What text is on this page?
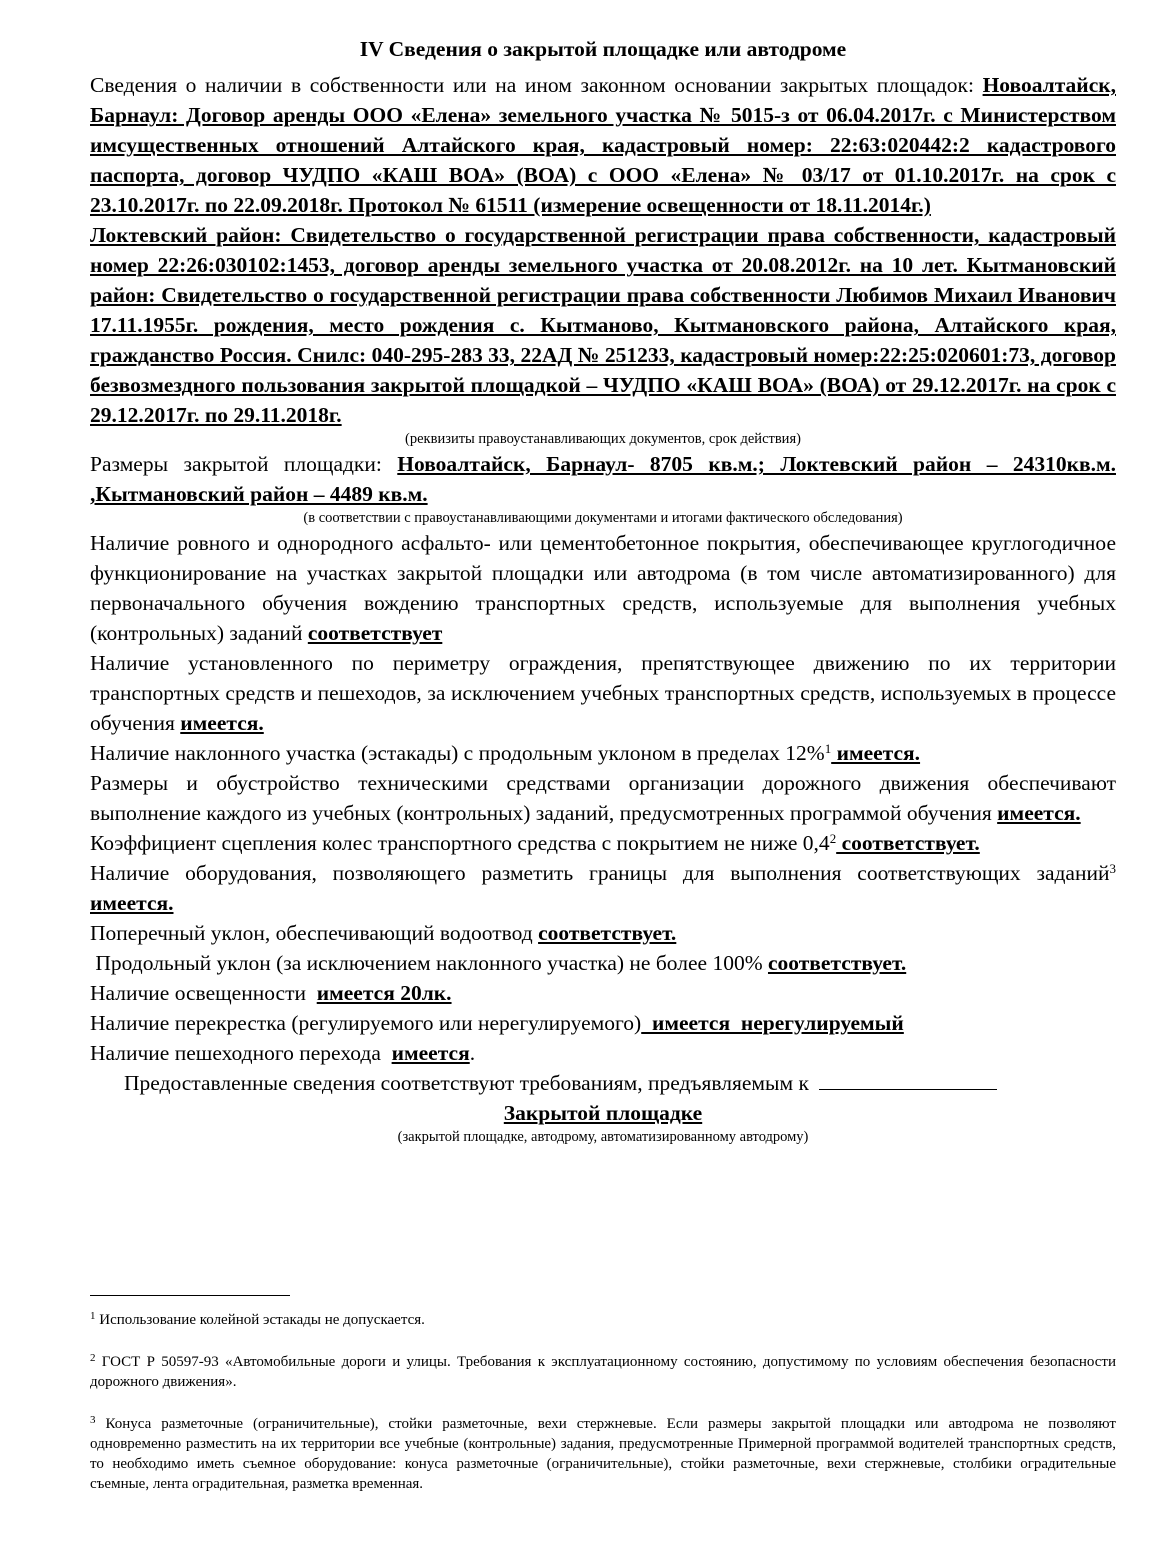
IV Сведения о закрытой площадке или автодроме

Сведения о наличии в собственности или на ином законном основании закрытых площадок: Новоалтайск, Барнаул: Договор аренды ООО «Елена» земельного участка № 5015-з от 06.04.2017г. с Министерством имсущественных отношений Алтайского края, кадастровый номер: 22:63:020442:2 кадастрового паспорта, договор ЧУДПО «КАШ ВОА» (ВОА) с ООО «Елена» № 03/17 от 01.10.2017г. на срок с 23.10.2017г. по 22.09.2018г. Протокол № 61511 (измерение освещенности от 18.11.2014г.)

Локтевский район: Свидетельство о государственной регистрации права собственности, кадастровый номер 22:26:030102:1453, договор аренды земельного участка от 20.08.2012г. на 10 лет. Кытмановский район: Свидетельство о государственной регистрации права собственности Любимов Михаил Иванович 17.11.1955г. рождения, место рождения с. Кытманово, Кытмановского района, Алтайского края, гражданство Россия. Снилс: 040-295-283 33, 22АД № 251233, кадастровый номер:22:25:020601:73, договор безвозмездного пользования закрытой площадкой – ЧУДПО «КАШ ВОА» (ВОА) от 29.12.2017г. на срок с 29.12.2017г. по 29.11.2018г.

(реквизиты правоустанавливающих документов, срок действия)

Размеры закрытой площадки: Новоалтайск, Барнаул- 8705 кв.м.; Локтевский район – 24310кв.м. ,Кытмановский район – 4489 кв.м.

(в соответствии с правоустанавливающими документами и итогами фактического обследования)

Наличие ровного и однородного асфальто- или цементобетонное покрытия, обеспечивающее круглогодичное функционирование на участках закрытой площадки или автодрома (в том числе автоматизированного) для первоначального обучения вождению транспортных средств, используемые для выполнения учебных (контрольных) заданий соответствует

Наличие установленного по периметру ограждения, препятствующее движению по их территории транспортных средств и пешеходов, за исключением учебных транспортных средств, используемых в процессе обучения имеется.

Наличие наклонного участка (эстакады) с продольным уклоном в пределах 12%$^1$ имеется.

Размеры и обустройство техническими средствами организации дорожного движения обеспечивают выполнение каждого из учебных (контрольных) заданий, предусмотренных программой обучения имеется.

Коэффициент сцепления колес транспортного средства с покрытием не ниже $0,4^2$ соответствует.

Наличие оборудования, позволяющего разметить границы для выполнения соответствующих заданий$^3$ имеется.

Поперечный уклон, обеспечивающий водоотвод соответствует.

Продольный уклон (за исключением наклонного участка) не более 100% соответствует.

Наличие освещенности  имеется 20лк.

Наличие перекрестка (регулируемого или нерегулируемого)  имеется  нерегулируемый

Наличие пешеходного перехода  имеется.

Предоставленные сведения соответствуют требованиям, предъявляемым к

Закрытой площадке

(закрытой площадке, автодрому, автоматизированному автодрому)

$^1$ Использование колейной эстакады не допускается.

$^2$ ГОСТ Р 50597-93 «Автомобильные дороги и улицы. Требования к эксплуатационному состоянию, допустимому по условиям обеспечения безопасности дорожного движения».

$^3$ Конуса разметочные (ограничительные), стойки разметочные, вехи стержневые. Если размеры закрытой площадки или автодрома не позволяют одновременно разместить на их территории все учебные (контрольные) задания, предусмотренные Примерной программой водителей транспортных средств, то необходимо иметь съемное оборудование: конуса разметочные (ограничительные), стойки разметочные, вехи стержневые, столбики оградительные съемные, лента оградительная, разметка временная.
